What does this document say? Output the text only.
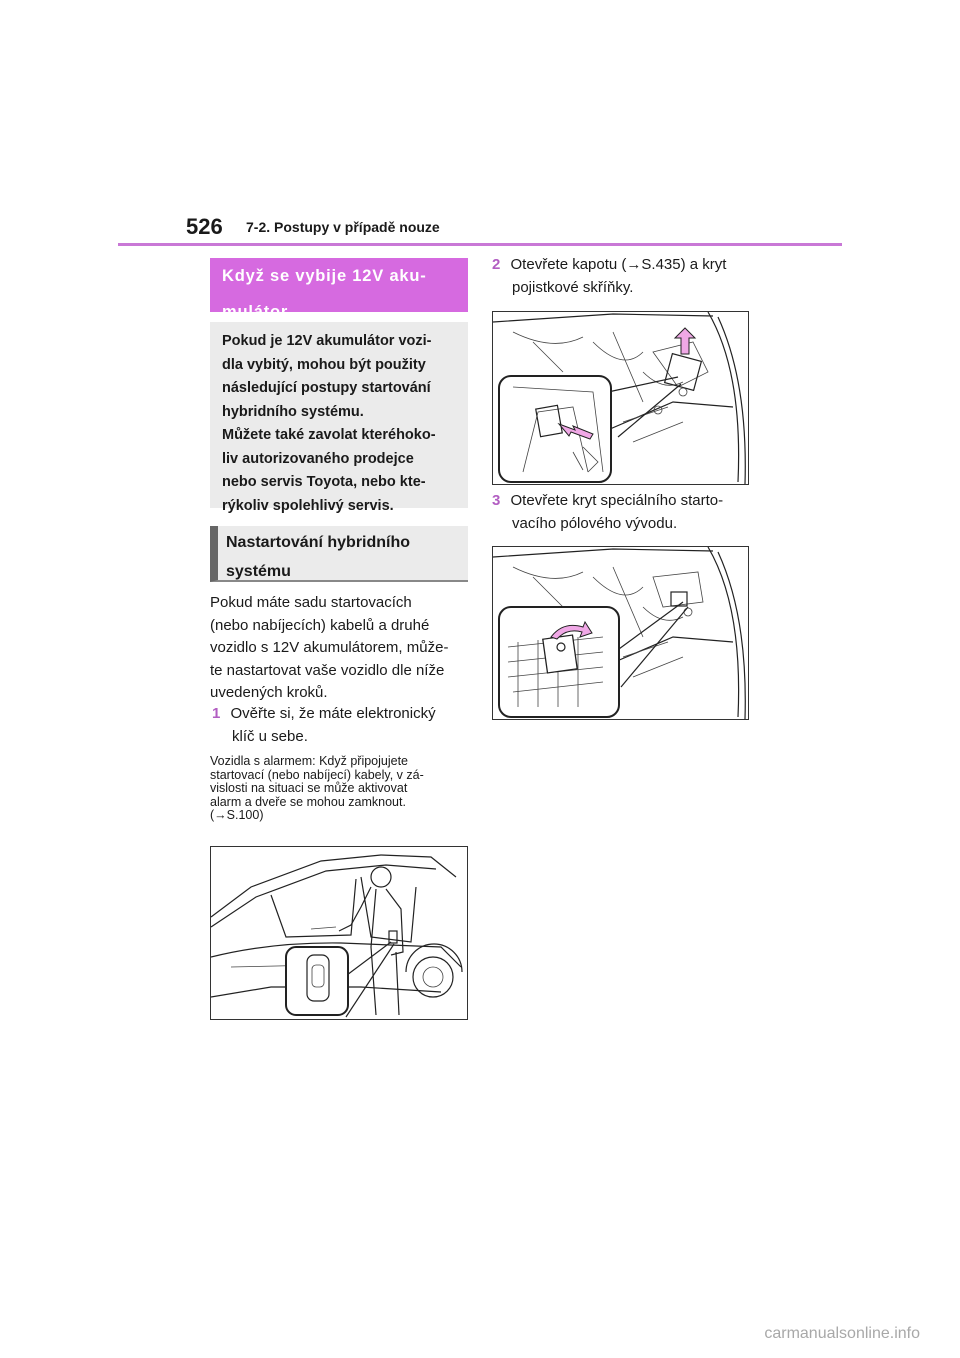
526 7-2. Postupy v případě nouze
Když se vybije 12V aku-
mulátor
Pokud je 12V akumulátor vozi-
dla vybitý, mohou být použity
následující postupy startování
hybridního systému.
Můžete také zavolat kteréhoko-
liv autorizovaného prodejce
nebo servis Toyota, nebo kte-
rýkoliv spolehlivý servis.
Nastartování hybridního
systému
Pokud máte sadu startovacích
(nebo nabíjecích) kabelů a druhé
vozidlo s 12V akumulátorem, může-
te nastartovat vaše vozidlo dle níže
uvedených kroků.
1 Ověřte si, že máte elektronický
klíč u sebe.
Vozidla s alarmem: Když připojujete
startovací (nebo nabíjecí) kabely, v zá-
vislosti na situaci se může aktivovat
alarm a dveře se mohou zamknout.
(→S.100)
2 Otevřete kapotu (→S.435) a kryt
pojistkové skříňky.
3 Otevřete kryt speciálního starto-
vacího pólového vývodu.
carmanualsonline.info
